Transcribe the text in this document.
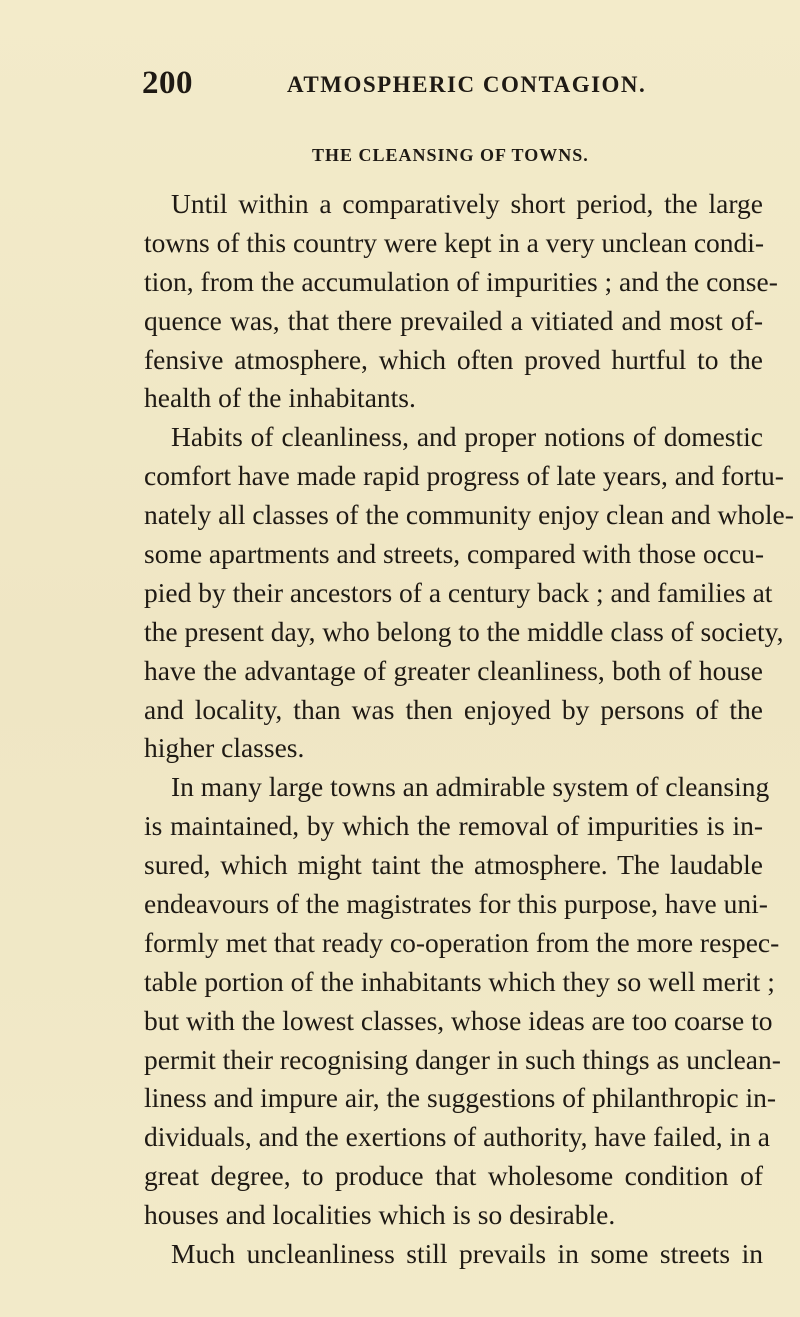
200	ATMOSPHERIC CONTAGION.
THE CLEANSING OF TOWNS.
Until within a comparatively short period, the large
towns of this country were kept in a very unclean condi-
tion, from the accumulation of impurities ; and the conse-
quence was, that there prevailed a vitiated and most of-
fensive atmosphere, which often proved hurtful to the
health of the inhabitants.
Habits of cleanliness, and proper notions of domestic
comfort have made rapid progress of late years, and fortu-
nately all classes of the community enjoy clean and whole-
some apartments and streets, compared with those occu-
pied by their ancestors of a century back ; and families at
the present day, who belong to the middle class of society,
have the advantage of greater cleanliness, both of house
and locality, than was then enjoyed by persons of the
higher classes.
In many large towns an admirable system of cleansing
is maintained, by which the removal of impurities is in-
sured, which might taint the atmosphere. The laudable
endeavours of the magistrates for this purpose, have uni-
formly met that ready co-operation from the more respec-
table portion of the inhabitants which they so well merit ;
but with the lowest classes, whose ideas are too coarse to
permit their recognising danger in such things as unclean-
liness and impure air, the suggestions of philanthropic in-
dividuals, and the exertions of authority, have failed, in a
great degree, to produce that wholesome condition of
houses and localities which is so desirable.
Much uncleanliness still prevails in some streets in
